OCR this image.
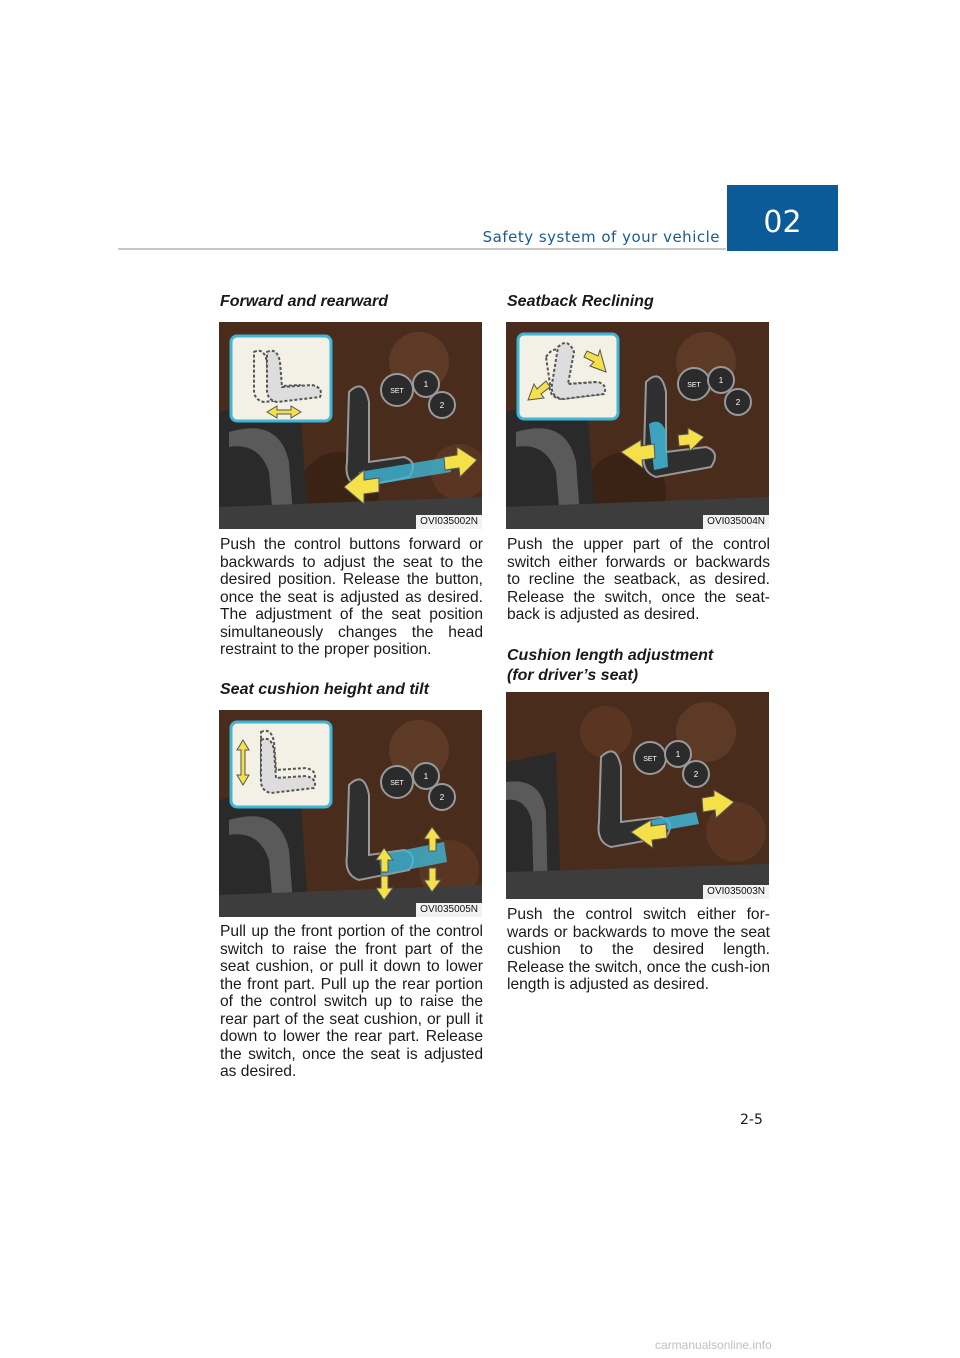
Safety system of your vehicle 02
Forward and rearward
SET
1
2
OVI035002N
Push the control buttons forward or backwards to adjust the seat to the desired position. Release the button, once the seat is adjusted as desired. The adjustment of the seat position simultaneously changes the head restraint to the proper position.
Seat cushion height and tilt
SET
1
2
OVI035005N
Pull up the front portion of the control switch to raise the front part of the seat cushion, or pull it down to lower the front part. Pull up the rear portion of the control switch up to raise the rear part of the seat cushion, or pull it down to lower the rear part. Release the switch, once the seat is adjusted as desired.
Seatback Reclining
SET
1
2
OVI035004N
Push the upper part of the control switch either forwards or backwards to recline the seatback, as desired. Release the switch, once the seat-back is adjusted as desired.
Cushion length adjustment
(for driver’s seat)
SET
1
2
OVI035003N
Push the control switch either for-wards or backwards to move the seat cushion to the desired length. Release the switch, once the cush-ion length is adjusted as desired.
2-5
carmanualsonline.info
